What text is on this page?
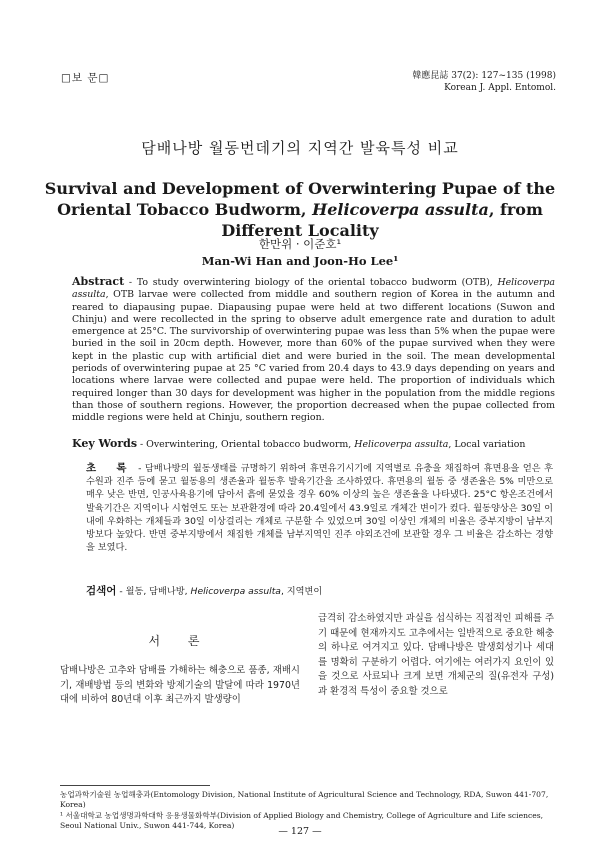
□보 문□	韓應昆誌 37(2): 127~135 (1998)
Korean J. Appl. Entomol.
담배나방 월동번데기의 지역간 발육특성 비교
Survival and Development of Overwintering Pupae of the Oriental Tobacco Budworm, Helicoverpa assulta, from Different Locality
한만위 · 이준호¹
Man-Wi Han and Joon-Ho Lee¹
Abstract - To study overwintering biology of the oriental tobacco budworm (OTB), Helicoverpa assulta, OTB larvae were collected from middle and southern region of Korea in the autumn and reared to diapausing pupae. Diapausing pupae were held at two different locations (Suwon and Chinju) and were recollected in the spring to observe adult emergence rate and duration to adult emergence at 25°C. The survivorship of overwintering pupae was less than 5% when the pupae were buried in the soil in 20cm depth. However, more than 60% of the pupae survived when they were kept in the plastic cup with artificial diet and were buried in the soil. The mean developmental periods of overwintering pupae at 25 °C varied from 20.4 days to 43.9 days depending on years and locations where larvae were collected and pupae were held. The proportion of individuals which required longer than 30 days for development was higher in the population from the middle regions than those of southern regions. However, the proportion decreased when the pupae collected from middle regions were held at Chinju, southern region.
Key Words - Overwintering, Oriental tobacco budworm, Helicoverpa assulta, Local variation
초 록 - 담배나방의 월동생태를 규명하기 위하여 휴면유기시기에 지역별로 유충을 채집하여 휴면용을 얻은 후 수원과 진주 등에 묻고 월동용의 생존율과 월동후 발육기간을 조사하였다. 휴면용의 월동 중 생존율은 5% 미만으로 매우 낮은 반면, 인공사육용기에 담아서 흙에 묻었을 경우 60% 이상의 높은 생존율을 나타냈다. 25°C 항온조건에서 발육기간은 지역이나 시험연도 또는 보관환경에 따라 20.4일에서 43.9일로 개체간 변이가 컸다. 월동양상은 30일 이내에 우화하는 개체들과 30일 이상걸리는 개체로 구분할 수 있었으며 30일 이상인 개체의 비율은 중부지방이 남부지방보다 높았다. 반면 중부지방에서 채집한 개체를 남부지역인 진주 야외조건에 보관할 경우 그 비율은 감소하는 경향을 보였다.
검색어 - 월동, 담배나방, Helicoverpa assulta, 지역변이
서 론
담배나방은 고추와 담배를 가해하는 해충으로 품종, 재배시기, 재배방법 등의 변화와 방제기술의 발달에 따라 1970년대에 비하여 80년대 이후 최근까지 발생량이
급격히 감소하였지만 과실을 섭식하는 직접적인 피해를 주기 때문에 현재까지도 고추에서는 일반적으로 중요한 해충의 하나로 여겨지고 있다. 담배나방은 발생회성기나 세대를 명확히 구분하기 어렵다. 여기에는 여러가지 요인이 있을 것으로 사료되나 크게 보면 개체군의 질(유전자 구성)과 환경적 특성이 중요할 것으로

농업과학기술원 농업해충과(Entomology Division, National Institute of Agricultural Science and Technology, RDA, Suwon 441-707, Korea)

¹ 서울대학교 농업생명과학대학 응용생물화학부(Division of Applied Biology and Chemistry, College of Agriculture and Life sciences, Seoul National Univ., Suwon 441-744, Korea)

— 127 —
